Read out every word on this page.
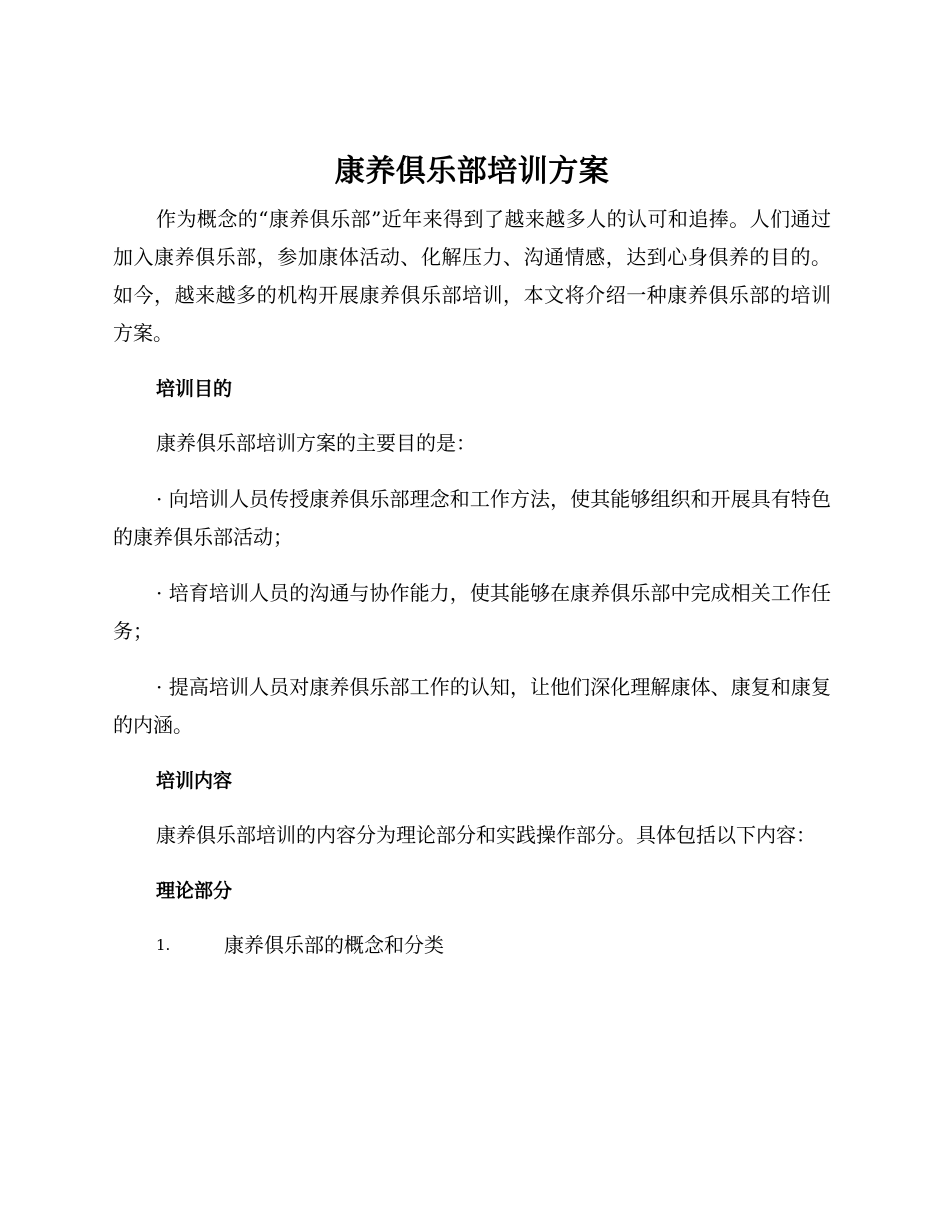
康养俱乐部培训方案

作为概念的“康养俱乐部”近年来得到了越来越多人的认可和追捧。人们通过加入康养俱乐部，参加康体活动、化解压力、沟通情感，达到心身俱养的目的。如今，越来越多的机构开展康养俱乐部培训，本文将介绍一种康养俱乐部的培训方案。

培训目的

康养俱乐部培训方案的主要目的是：

· 向培训人员传授康养俱乐部理念和工作方法，使其能够组织和开展具有特色的康养俱乐部活动；

· 培育培训人员的沟通与协作能力，使其能够在康养俱乐部中完成相关工作任务；

· 提高培训人员对康养俱乐部工作的认知，让他们深化理解康体、康复和康复的内涵。

培训内容

康养俱乐部培训的内容分为理论部分和实践操作部分。具体包括以下内容：

理论部分
1.	康养俱乐部的概念和分类
